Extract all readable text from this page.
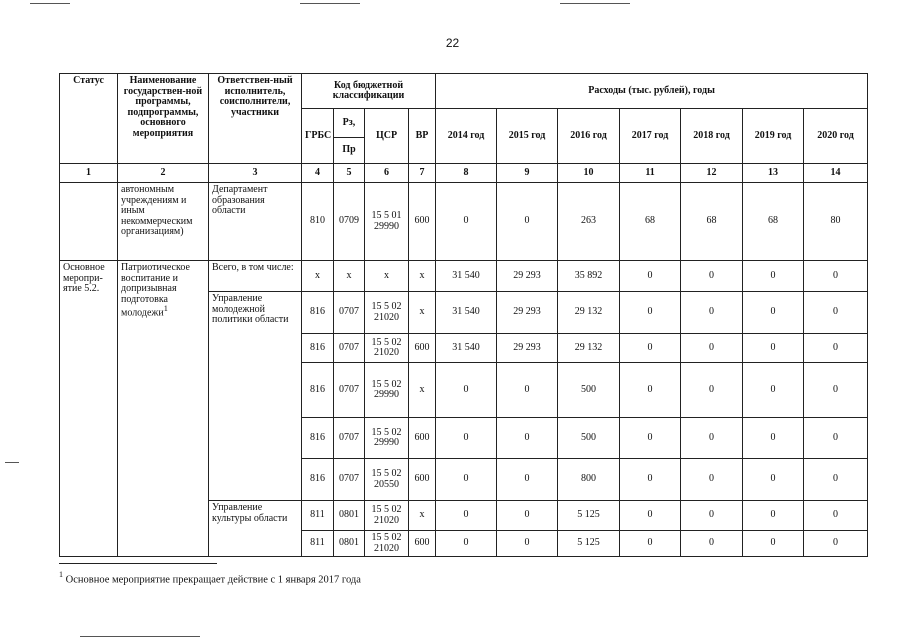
22
Статус	Наименование государствен-ной программы, подпрограммы, основного мероприятия	Ответствен-ный исполнитель, соисполнители, участники	Код бюджетной классификации				Расходы (тыс. рублей), годы						
			ГРБС	Рз,	ЦСР	ВР	2014 год	2015 год	2016 год	2017 год	2018 год	2019 год	2020 год
				Пр									
1	2	3	4	5	6	7	8	9	10	11	12	13	14
	автономным учреждениям и иным некоммерческим организациям)	Департамент образования области	810	0709	15 5 01 29990	600	0	0	263	68	68	68	80
Основное меропри-ятие 5.2.	Патриотическое воспитание и допризывная подготовка молодежи$^1$	Всего, в том числе:	х	х	х	х	31 540	29 293	35 892	0	0	0	0
		Управление молодежной политики области	816	0707	15 5 02 21020	х	31 540	29 293	29 132	0	0	0	0
			816	0707	15 5 02 21020	600	31 540	29 293	29 132	0	0	0	0
			816	0707	15 5 02 29990	х	0	0	500	0	0	0	0
			816	0707	15 5 02 29990	600	0	0	500	0	0	0	0
			816	0707	15 5 02 20550	600	0	0	800	0	0	0	0
		Управление культуры области	811	0801	15 5 02 21020	х	0	0	5 125	0	0	0	0
			811	0801	15 5 02 21020	600	0	0	5 125	0	0	0	0
$^1$ Основное мероприятие прекращает действие с 1 января 2017 года
